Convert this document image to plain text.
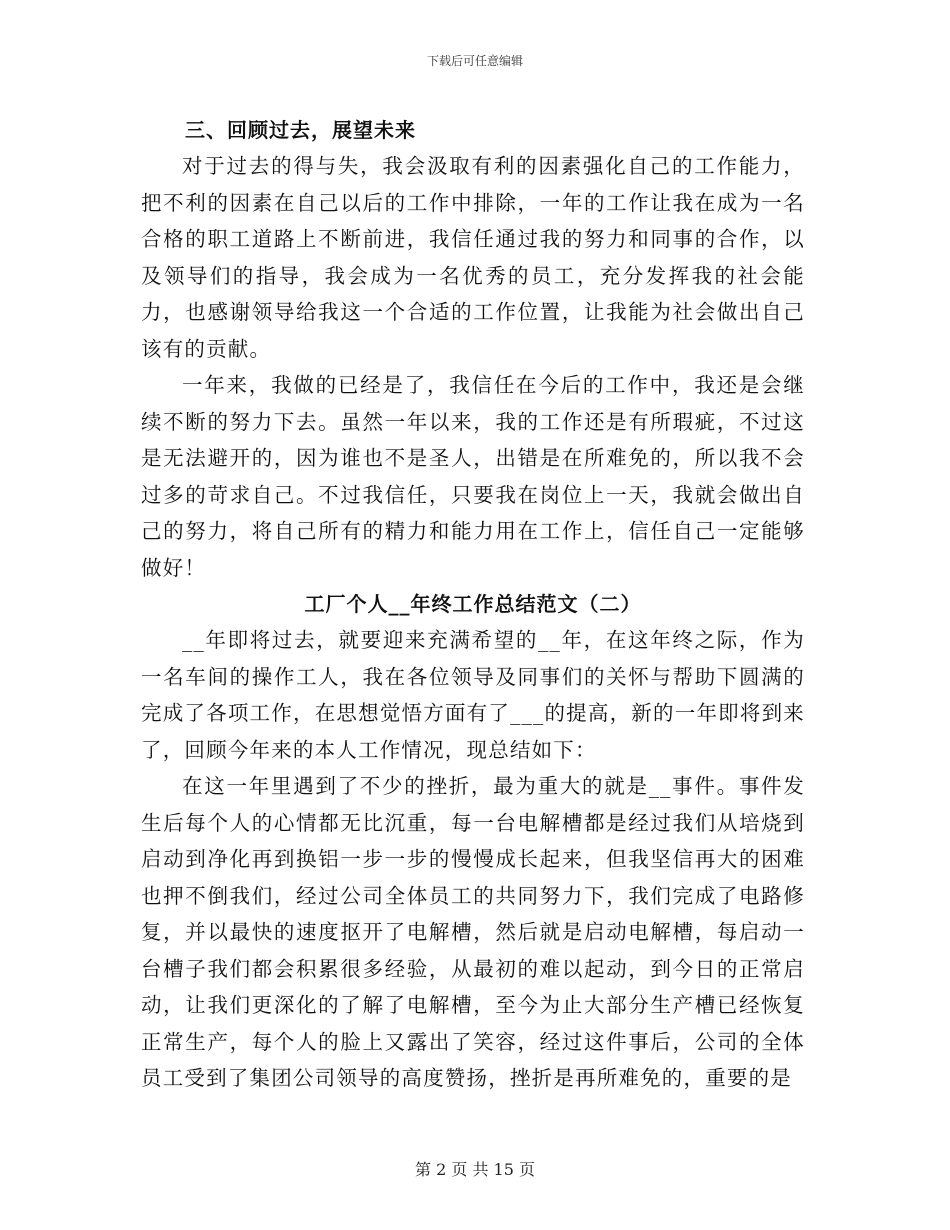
下载后可任意编辑
三、回顾过去，展望未来

对于过去的得与失，我会汲取有利的因素强化自己的工作能力，把不利的因素在自己以后的工作中排除，一年的工作让我在成为一名合格的职工道路上不断前进，我信任通过我的努力和同事的合作，以及领导们的指导，我会成为一名优秀的员工，充分发挥我的社会能力，也感谢领导给我这一个合适的工作位置，让我能为社会做出自己该有的贡献。

一年来，我做的已经是了，我信任在今后的工作中，我还是会继续不断的努力下去。虽然一年以来，我的工作还是有所瑕疵，不过这是无法避开的，因为谁也不是圣人，出错是在所难免的，所以我不会过多的苛求自己。不过我信任，只要我在岗位上一天，我就会做出自己的努力，将自己所有的精力和能力用在工作上，信任自己一定能够做好！

工厂个人__年终工作总结范文（二）

__年即将过去，就要迎来充满希望的__年，在这年终之际，作为一名车间的操作工人，我在各位领导及同事们的关怀与帮助下圆满的完成了各项工作，在思想觉悟方面有了___的提高，新的一年即将到来了，回顾今年来的本人工作情况，现总结如下：

在这一年里遇到了不少的挫折，最为重大的就是__事件。事件发生后每个人的心情都无比沉重，每一台电解槽都是经过我们从培烧到启动到净化再到换铝一步一步的慢慢成长起来，但我坚信再大的困难也押不倒我们，经过公司全体员工的共同努力下，我们完成了电路修复，并以最快的速度抠开了电解槽，然后就是启动电解槽，每启动一台槽子我们都会积累很多经验，从最初的难以起动，到今日的正常启动，让我们更深化的了解了电解槽，至今为止大部分生产槽已经恢复正常生产，每个人的脸上又露出了笑容，经过这件事后，公司的全体员工受到了集团公司领导的高度赞扬，挫折是再所难免的，重要的是

第 2 页 共 15 页
